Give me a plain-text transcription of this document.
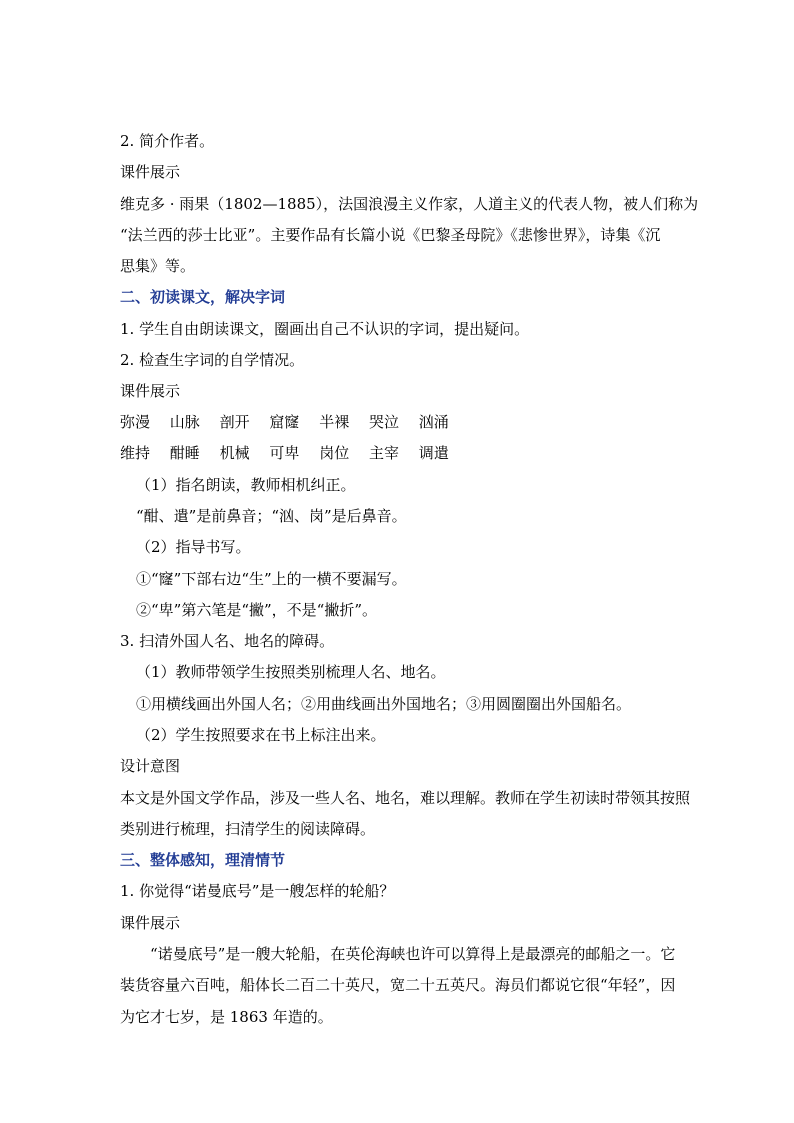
2. 简介作者。
课件展示
维克多 · 雨果（1802—1885），法国浪漫主义作家，人道主义的代表人物，被人们称为
“法兰西的莎士比亚”。主要作品有长篇小说《巴黎圣母院》《悲惨世界》，诗集《沉
思集》等。
二、初读课文，解决字词
1. 学生自由朗读课文，圈画出自己不认识的字词，提出疑问。
2. 检查生字词的自学情况。
课件展示
弥漫 山脉 剖开 窟窿 半裸 哭泣 汹涌
维持 酣睡 机械 可卑 岗位 主宰 调遣
（1）指名朗读，教师相机纠正。
“酣、遣”是前鼻音；“汹、岗”是后鼻音。
（2）指导书写。
①“窿”下部右边“生”上的一横不要漏写。
②“卑”第六笔是“撇”，不是“撇折”。
3. 扫清外国人名、地名的障碍。
（1）教师带领学生按照类别梳理人名、地名。
①用横线画出外国人名；②用曲线画出外国地名；③用圆圈圈出外国船名。
（2）学生按照要求在书上标注出来。
设计意图
本文是外国文学作品，涉及一些人名、地名，难以理解。教师在学生初读时带领其按照
类别进行梳理，扫清学生的阅读障碍。
三、整体感知，理清情节
1. 你觉得“诺曼底号”是一艘怎样的轮船？
课件展示
“诺曼底号”是一艘大轮船，在英伦海峡也许可以算得上是最漂亮的邮船之一。它
装货容量六百吨，船体长二百二十英尺，宽二十五英尺。海员们都说它很“年轻”，因
为它才七岁，是 1863 年造的。
